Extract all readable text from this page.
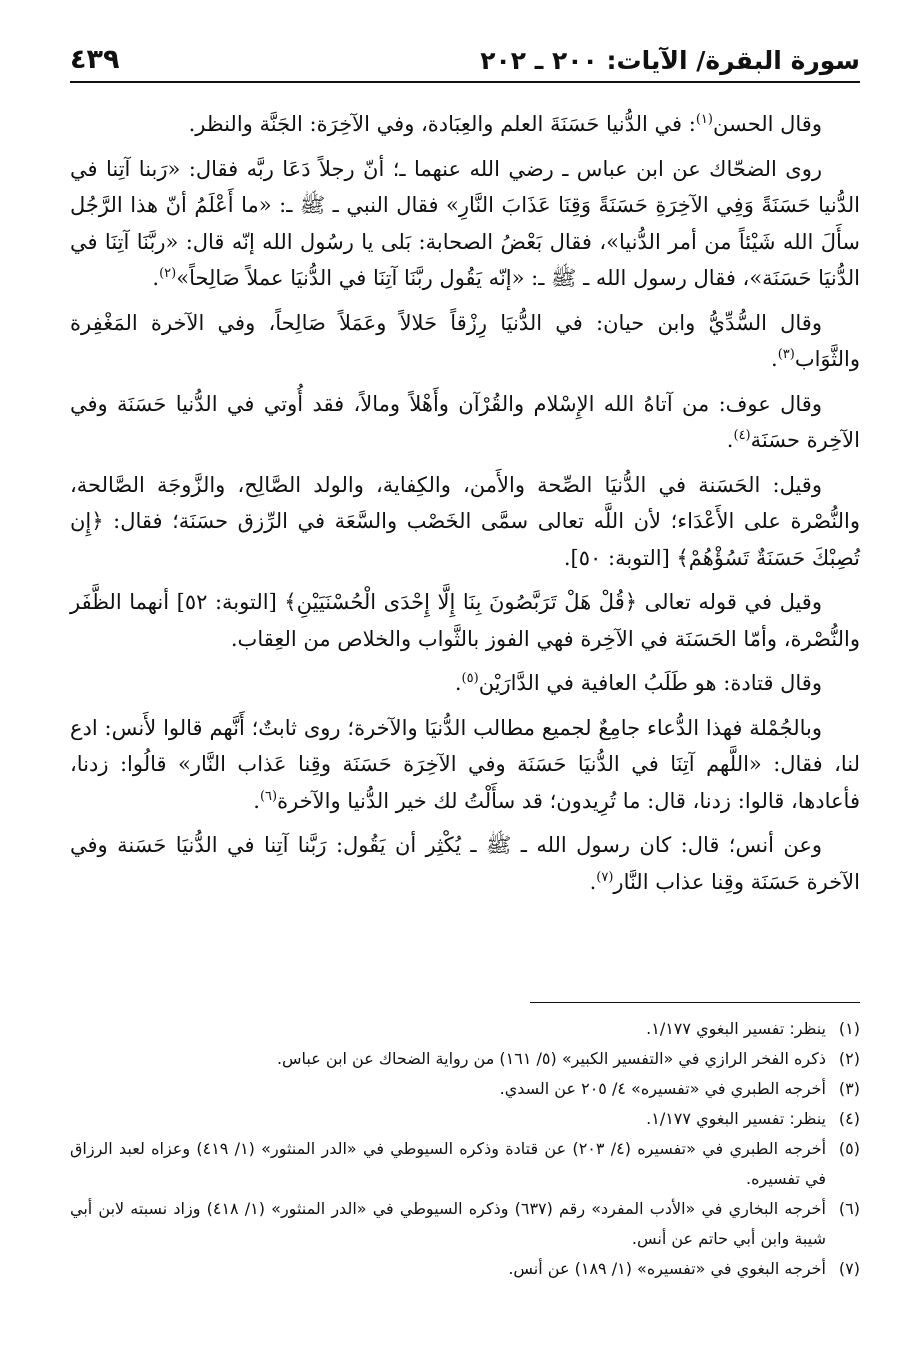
سورة البقرة/ الآيات: ٢٠٠ ـ ٢٠٢
٤٣٩

وقال الحسن$^{(١)}$: في الدُّنيا حَسَنَةَ العلم والعِبَادة، وفي الآخِرَة: الجَنَّة والنظر.

روى الضحّاك عن ابن عباس ـ رضي الله عنهما ـ؛ أنّ رجلاً دَعَا ربَّه فقال: «رَبنا آتِنا في الدُّنيا حَسَنَةً وَفِي الآخِرَةِ حَسَنَةً وَقِنَا عَذَابَ النَّارِ» فقال النبي ـ ﷺ ـ: «ما أَعْلَمُ أنّ هذا الرَّجُل سأَلَ الله شَيْئاً من أمر الدُّنيا»، فقال بَعْضُ الصحابة: بَلى يا رسُول الله إنّه قال: «ربَّنَا آتِنَا في الدُّنيَا حَسَنَة»، فقال رسول الله ـ ﷺ ـ: «إنّه يَقُول ربَّنَا آتِنَا في الدُّنيَا عملاً صَالِحاً»$^{(٢)}$.

وقال السُّدِّيُّ وابن حيان: في الدُّنيَا رِزْقاً حَلالاً وعَمَلاً صَالِحاً، وفي الآخرة المَغْفِرة والثَّوَاب$^{(٣)}$.

وقال عوف: من آتاهُ الله الإِسْلام والقُرْآن وأَهْلاً ومالاً، فقد أُوتي في الدُّنيا حَسَنَة وفي الآخِرة حسَنَة$^{(٤)}$.

وقيل: الحَسَنة في الدُّنيَا الصِّحة والأَمن، والكِفاية، والولد الصَّالِح، والزَّوجَة الصَّالحة، والنُّصْرة على الأَعْدَاء؛ لأن اللَّه تعالى سمَّى الخَصْب والسَّعَة في الرِّزق حسَنَة؛ فقال: ﴿إِن تُصِبْكَ حَسَنَةٌ تَسُؤْهُمْ﴾ [التوبة: ٥٠].

وقيل في قوله تعالى ﴿قُلْ هَلْ تَرَبَّصُونَ بِنَا إِلَّا إِحْدَى الْحُسْنَيَيْنِ﴾ [التوبة: ٥٢] أنهما الظَّفَر والنُّصْرة، وأمّا الحَسَنَة في الآخِرة فهي الفوز بالثَّواب والخلاص من العِقاب.

وقال قتادة: هو طَلَبُ العافية في الدَّارَيْن$^{(٥)}$.

وبالجُمْلة فهذا الدُّعاء جامِعٌ لجميع مطالب الدُّنيَا والآخرة؛ روى ثابتٌ؛ أَنَّهم قالوا لأَنس: ادع لنا، فقال: «اللَّهم آتِنَا في الدُّنيَا حَسَنَة وفي الآخِرَة حَسَنَة وقِنا عَذاب النَّار» قالُوا: زدنا، فأعادها، قالوا: زدنا، قال: ما تُرِيدون؛ قد سأَلْتُ لك خير الدُّنيا والآخرة$^{(٦)}$.

وعن أنس؛ قال: كان رسول الله ـ ﷺ ـ يُكْثِر أن يَقُول: رَبَّنا آتِنا في الدُّنيَا حَسَنة وفي الآخرة حَسَنَة وقِنا عذاب النَّار$^{(٧)}$.

(١)
ينظر: تفسير البغوي ١/١٧٧.
(٢)
ذكره الفخر الرازي في «التفسير الكبير» (٥/ ١٦١) من رواية الضحاك عن ابن عباس.
(٣)
أخرجه الطبري في «تفسيره» ٤/ ٢٠٥ عن السدي.
(٤)
ينظر: تفسير البغوي ١/١٧٧.
(٥)
أخرجه الطبري في «تفسيره (٤/ ٢٠٣) عن قتادة وذكره السيوطي في «الدر المنثور» (١/ ٤١٩) وعزاه لعبد الرزاق في تفسيره.
(٦)
أخرجه البخاري في «الأدب المفرد» رقم (٦٣٧) وذكره السيوطي في «الدر المنثور» (١/ ٤١٨) وزاد نسبته لابن أبي شيبة وابن أبي حاتم عن أنس.
(٧)
أخرجه البغوي في «تفسيره» (١/ ١٨٩) عن أنس.
